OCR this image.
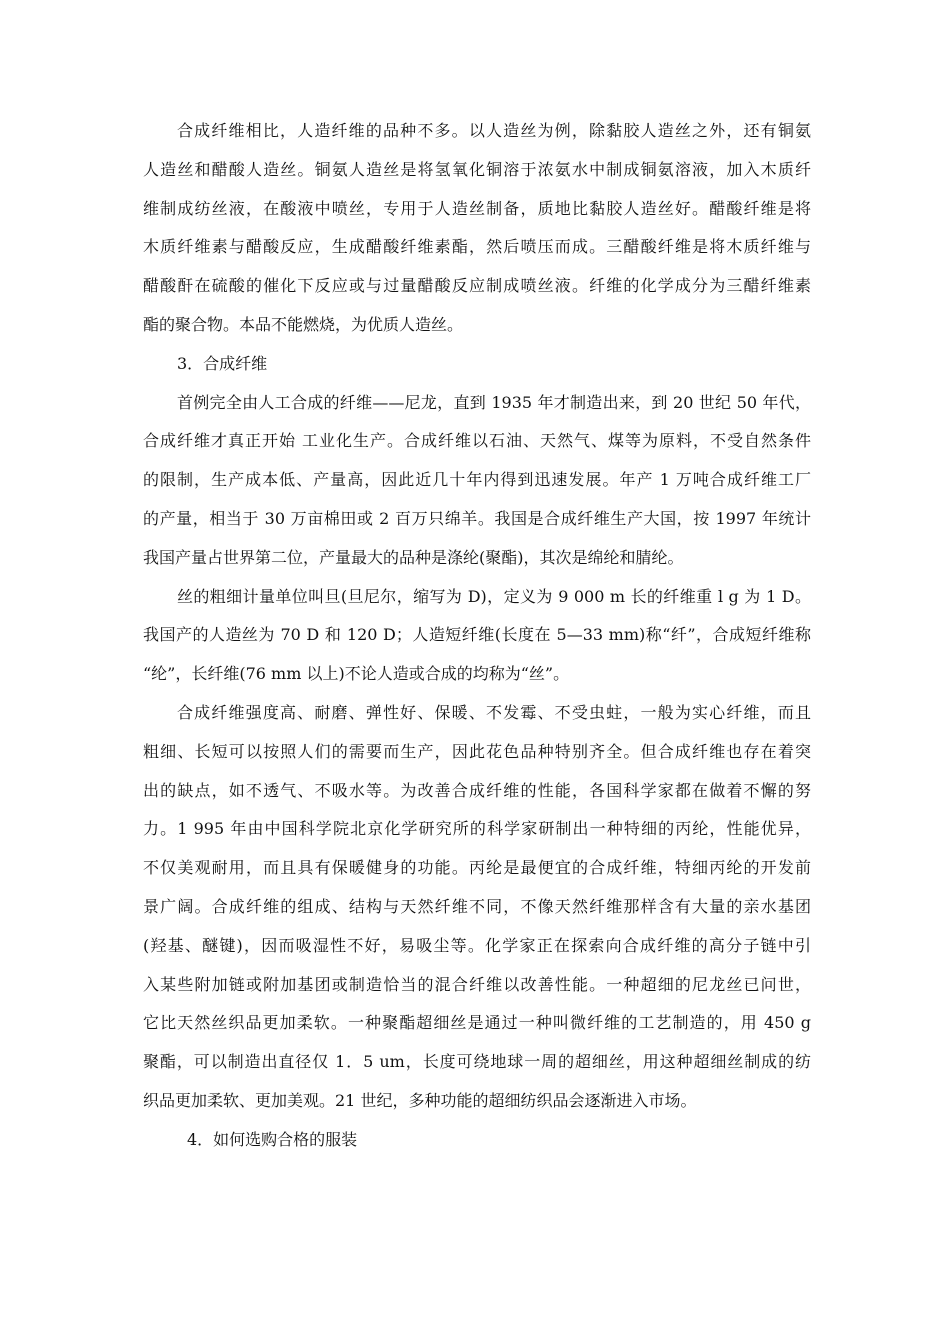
合成纤维相比，人造纤维的品种不多。以人造丝为例，除黏胶人造丝之外，还有铜氨
人造丝和醋酸人造丝。铜氨人造丝是将氢氧化铜溶于浓氨水中制成铜氨溶液，加入木质纤
维制成纺丝液，在酸液中喷丝，专用于人造丝制备，质地比黏胶人造丝好。醋酸纤维是将
木质纤维素与醋酸反应，生成醋酸纤维素酯，然后喷压而成。三醋酸纤维是将木质纤维与
醋酸酐在硫酸的催化下反应或与过量醋酸反应制成喷丝液。纤维的化学成分为三醋纤维素
酯的聚合物。本品不能燃烧，为优质人造丝。
3．合成纤维
首例完全由人工合成的纤维——尼龙，直到 1935 年才制造出来，到 20 世纪 50 年代，
合成纤维才真正开始 工业化生产。合成纤维以石油、天然气、煤等为原料，不受自然条件
的限制，生产成本低、产量高，因此近几十年内得到迅速发展。年产 1 万吨合成纤维工厂
的产量，相当于 30 万亩棉田或 2 百万只绵羊。我国是合成纤维生产大国，按 1997 年统计
我国产量占世界第二位，产量最大的品种是涤纶(聚酯)，其次是绵纶和腈纶。
丝的粗细计量单位叫旦(旦尼尔，缩写为 D)，定义为 9 000 m 长的纤维重 l g 为 1 D。
我国产的人造丝为 70 D 和 120 D；人造短纤维(长度在 5—33 mm)称“纤”，合成短纤维称
“纶”，长纤维(76 mm 以上)不论人造或合成的均称为“丝”。
合成纤维强度高、耐磨、弹性好、保暖、不发霉、不受虫蛀，一般为实心纤维，而且
粗细、长短可以按照人们的需要而生产，因此花色品种特别齐全。但合成纤维也存在着突
出的缺点，如不透气、不吸水等。为改善合成纤维的性能，各国科学家都在做着不懈的努
力。1 995 年由中国科学院北京化学研究所的科学家研制出一种特细的丙纶，性能优异，
不仅美观耐用，而且具有保暖健身的功能。丙纶是最便宜的合成纤维，特细丙纶的开发前
景广阔。合成纤维的组成、结构与天然纤维不同，不像天然纤维那样含有大量的亲水基团
(羟基、醚键)，因而吸湿性不好，易吸尘等。化学家正在探索向合成纤维的高分子链中引
入某些附加链或附加基团或制造恰当的混合纤维以改善性能。一种超细的尼龙丝已问世，
它比天然丝织品更加柔软。一种聚酯超细丝是通过一种叫微纤维的工艺制造的，用 450 g
聚酯，可以制造出直径仅 1．5 um，长度可绕地球一周的超细丝，用这种超细丝制成的纺
织品更加柔软、更加美观。21 世纪，多种功能的超细纺织品会逐渐进入市场。
4．如何选购合格的服装
